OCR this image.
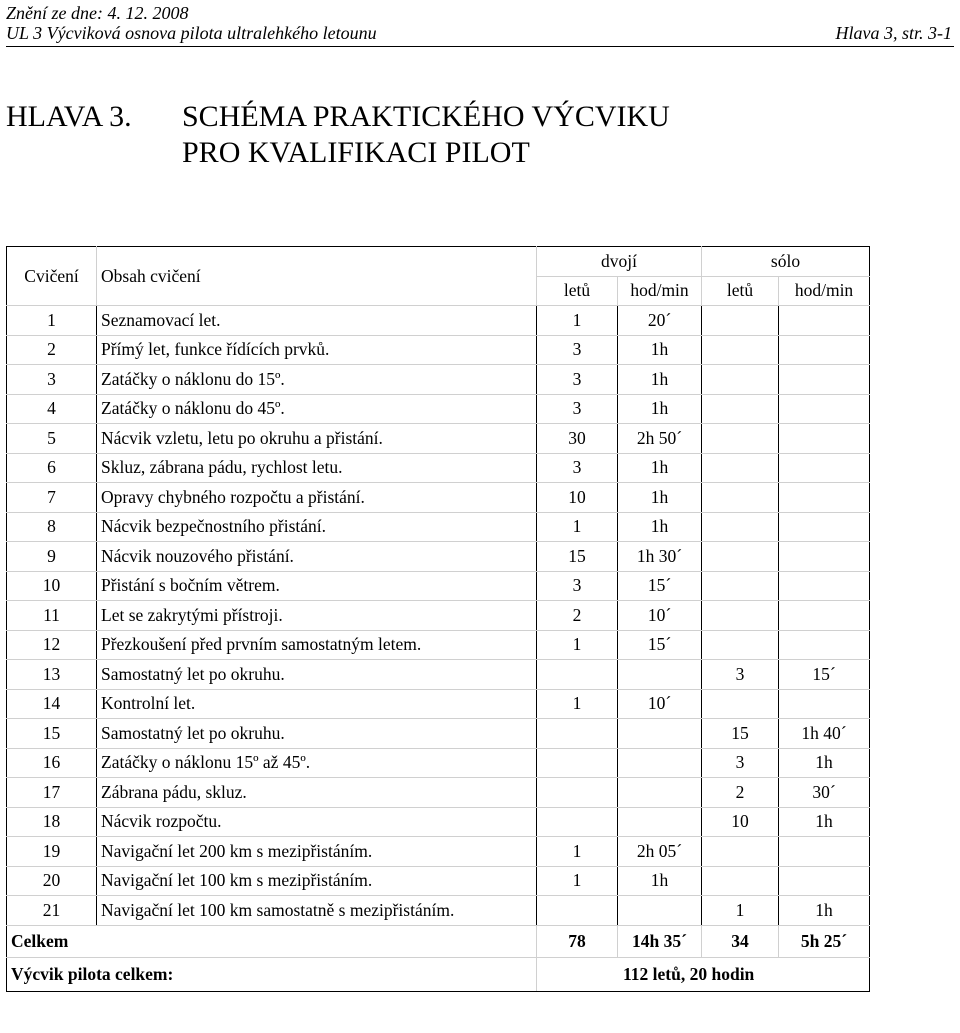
Znění ze dne: 4. 12. 2008
UL 3 Výcviková osnova pilota ultralehkého letounu	Hlava 3, str. 3-1
HLAVA 3. SCHÉMA PRAKTICKÉHO VÝCVIKU
PRO KVALIFIKACI PILOT
Cvičení	Obsah cvičení	dvojí		sólo	
		letů	hod/min	letů	hod/min
1	Seznamovací let.	1	20´		
2	Přímý let, funkce řídících prvků.	3	1h		
3	Zatáčky o náklonu do 15º.	3	1h		
4	Zatáčky o náklonu do 45º.	3	1h		
5	Nácvik vzletu, letu po okruhu a přistání.	30	2h 50´		
6	Skluz, zábrana pádu, rychlost letu.	3	1h		
7	Opravy chybného rozpočtu a přistání.	10	1h		
8	Nácvik bezpečnostního přistání.	1	1h		
9	Nácvik nouzového přistání.	15	1h 30´		
10	Přistání s bočním větrem.	3	15´		
11	Let se zakrytými přístroji.	2	10´		
12	Přezkoušení před prvním samostatným letem.	1	15´		
13	Samostatný let po okruhu.			3	15´
14	Kontrolní let.	1	10´		
15	Samostatný let po okruhu.			15	1h 40´
16	Zatáčky o náklonu 15º až 45º.			3	1h
17	Zábrana pádu, skluz.			2	30´
18	Nácvik rozpočtu.			10	1h
19	Navigační let 200 km s mezipřistáním.	1	2h 05´		
20	Navigační let 100 km s mezipřistáním.	1	1h		
21	Navigační let 100 km samostatně s mezipřistáním.			1	1h
Celkem		78	14h 35´	34	5h 25´
Výcvik pilota celkem:		112 letů, 20 hodin			
